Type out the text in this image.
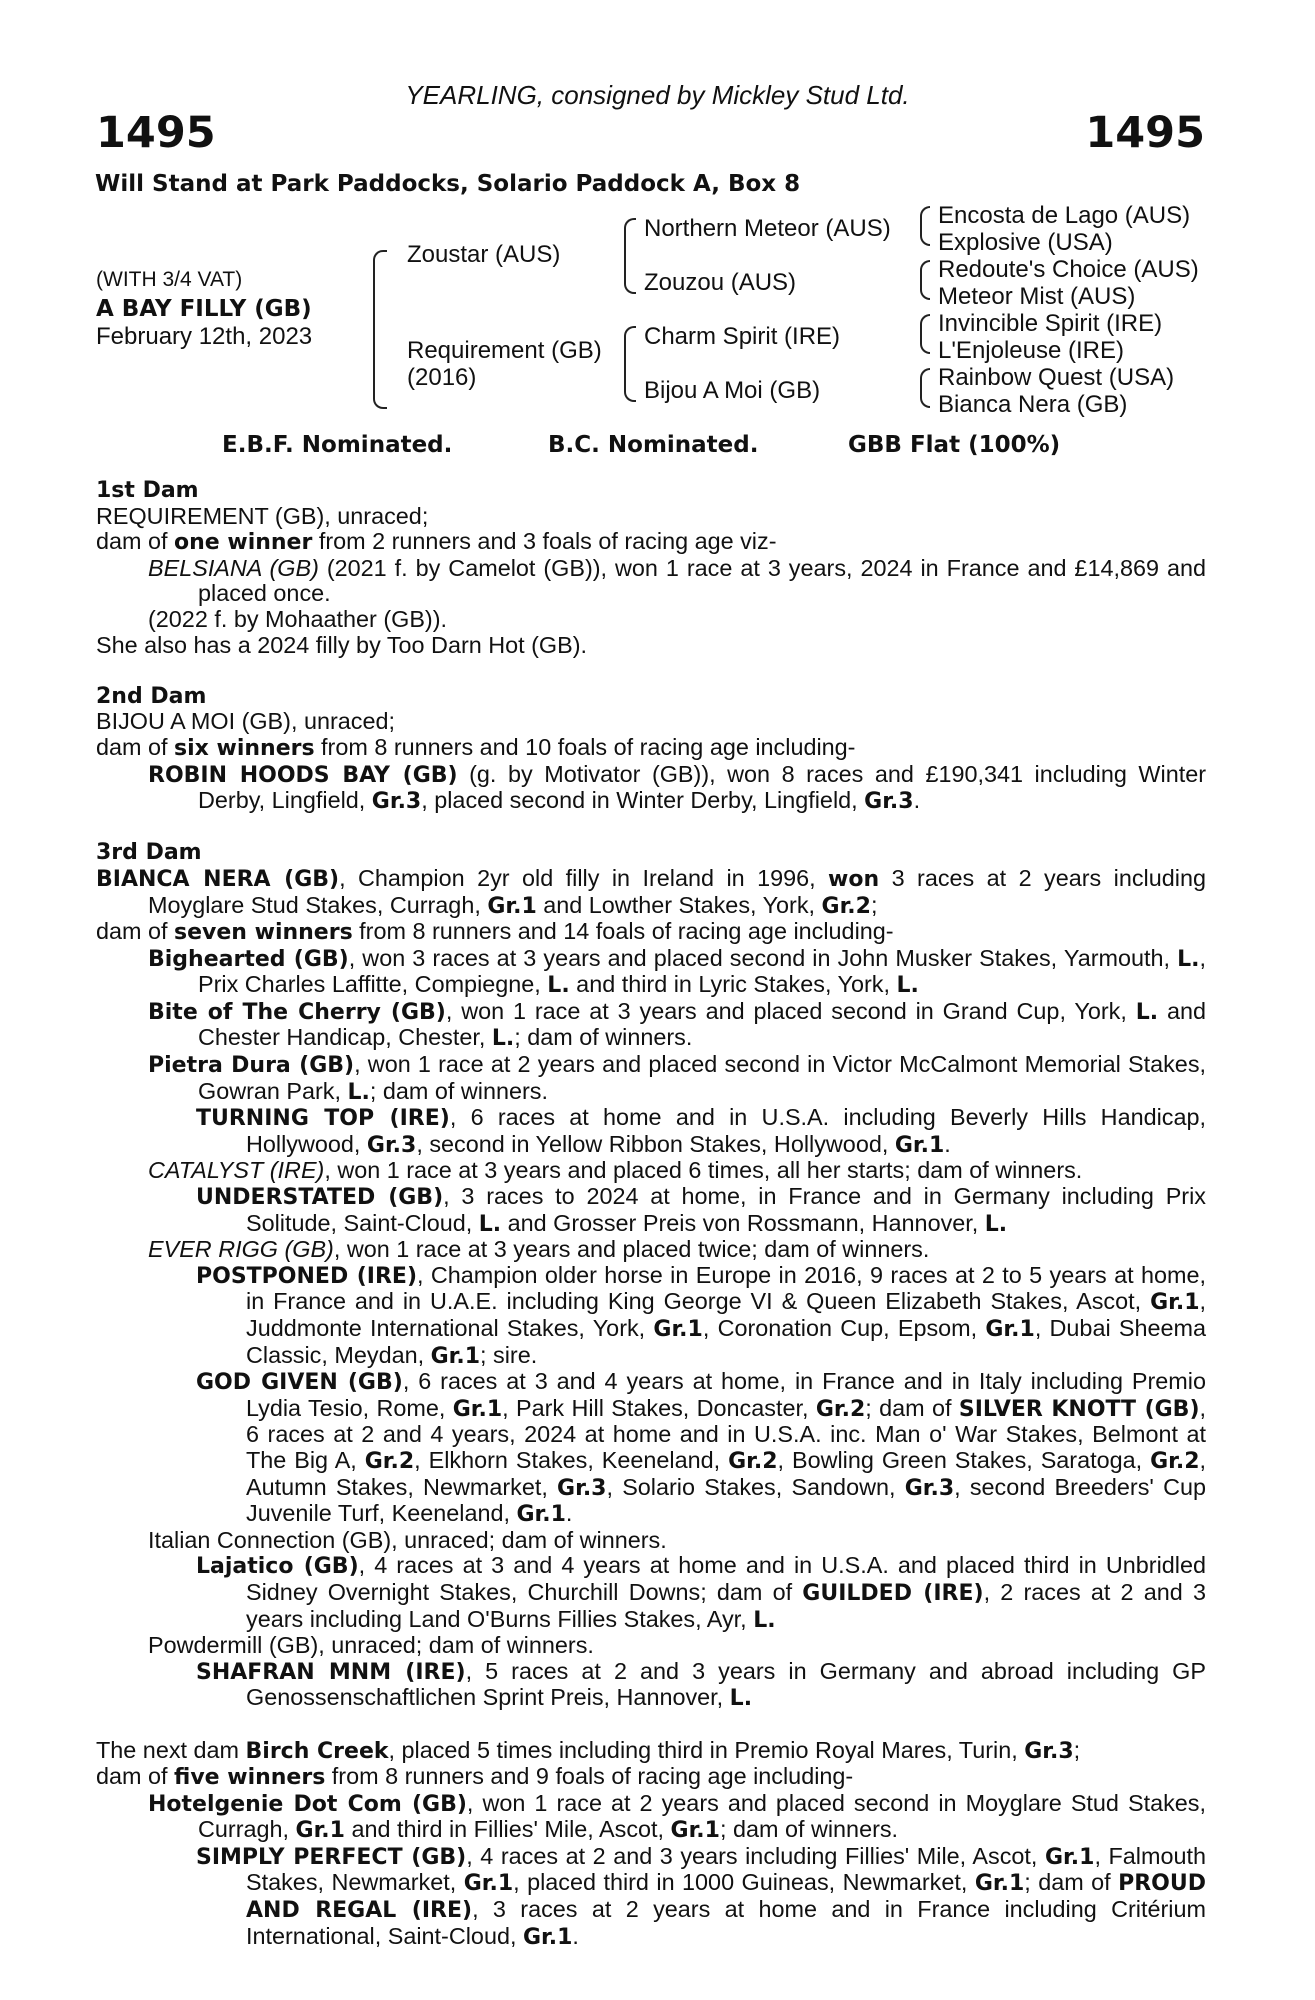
YEARLING, consigned by Mickley Stud Ltd.
1495	1495
Will Stand at Park Paddocks, Solario Paddock A, Box 8
(WITH 3/4 VAT)
A BAY FILLY (GB)
February 12th, 2023
Zoustar (AUS)
Requirement (GB)
(2016)
Northern Meteor (AUS)
Zouzou (AUS)
Charm Spirit (IRE)
Bijou A Moi (GB)
Encosta de Lago (AUS)
Explosive (USA)
Redoute's Choice (AUS)
Meteor Mist (AUS)
Invincible Spirit (IRE)
L'Enjoleuse (IRE)
Rainbow Quest (USA)
Bianca Nera (GB)
E.B.F. Nominated.	B.C. Nominated.	GBB Flat (100%)

1st Dam

REQUIREMENT (GB), unraced;

dam of one winner from 2 runners and 3 foals of racing age viz-

BELSIANA (GB) (2021 f. by Camelot (GB)), won 1 race at 3 years, 2024 in France and £14,869 and placed once.

(2022 f. by Mohaather (GB)).

She also has a 2024 filly by Too Darn Hot (GB).

2nd Dam

BIJOU A MOI (GB), unraced;

dam of six winners from 8 runners and 10 foals of racing age including-

ROBIN HOODS BAY (GB) (g. by Motivator (GB)), won 8 races and £190,341 including Winter Derby, Lingfield, Gr.3, placed second in Winter Derby, Lingfield, Gr.3.

3rd Dam

BIANCA NERA (GB), Champion 2yr old filly in Ireland in 1996, won 3 races at 2 years including Moyglare Stud Stakes, Curragh, Gr.1 and Lowther Stakes, York, Gr.2;

dam of seven winners from 8 runners and 14 foals of racing age including-

Bighearted (GB), won 3 races at 3 years and placed second in John Musker Stakes, Yarmouth, L., Prix Charles Laffitte, Compiegne, L. and third in Lyric Stakes, York, L.

Bite of The Cherry (GB), won 1 race at 3 years and placed second in Grand Cup, York, L. and Chester Handicap, Chester, L.; dam of winners.

Pietra Dura (GB), won 1 race at 2 years and placed second in Victor McCalmont Memorial Stakes, Gowran Park, L.; dam of winners.

TURNING TOP (IRE), 6 races at home and in U.S.A. including Beverly Hills Handicap, Hollywood, Gr.3, second in Yellow Ribbon Stakes, Hollywood, Gr.1.

CATALYST (IRE), won 1 race at 3 years and placed 6 times, all her starts; dam of winners.

UNDERSTATED (GB), 3 races to 2024 at home, in France and in Germany including Prix Solitude, Saint-Cloud, L. and Grosser Preis von Rossmann, Hannover, L.

EVER RIGG (GB), won 1 race at 3 years and placed twice; dam of winners.

POSTPONED (IRE), Champion older horse in Europe in 2016, 9 races at 2 to 5 years at home, in France and in U.A.E. including King George VI & Queen Elizabeth Stakes, Ascot, Gr.1, Juddmonte International Stakes, York, Gr.1, Coronation Cup, Epsom, Gr.1, Dubai Sheema Classic, Meydan, Gr.1; sire.

GOD GIVEN (GB), 6 races at 3 and 4 years at home, in France and in Italy including Premio Lydia Tesio, Rome, Gr.1, Park Hill Stakes, Doncaster, Gr.2; dam of SILVER KNOTT (GB), 6 races at 2 and 4 years, 2024 at home and in U.S.A. inc. Man o' War Stakes, Belmont at The Big A, Gr.2, Elkhorn Stakes, Keeneland, Gr.2, Bowling Green Stakes, Saratoga, Gr.2, Autumn Stakes, Newmarket, Gr.3, Solario Stakes, Sandown, Gr.3, second Breeders' Cup Juvenile Turf, Keeneland, Gr.1.

Italian Connection (GB), unraced; dam of winners.

Lajatico (GB), 4 races at 3 and 4 years at home and in U.S.A. and placed third in Unbridled Sidney Overnight Stakes, Churchill Downs; dam of GUILDED (IRE), 2 races at 2 and 3 years including Land O'Burns Fillies Stakes, Ayr, L.

Powdermill (GB), unraced; dam of winners.

SHAFRAN MNM (IRE), 5 races at 2 and 3 years in Germany and abroad including GP Genossenschaftlichen Sprint Preis, Hannover, L.

The next dam Birch Creek, placed 5 times including third in Premio Royal Mares, Turin, Gr.3;

dam of five winners from 8 runners and 9 foals of racing age including-

Hotelgenie Dot Com (GB), won 1 race at 2 years and placed second in Moyglare Stud Stakes, Curragh, Gr.1 and third in Fillies' Mile, Ascot, Gr.1; dam of winners.

SIMPLY PERFECT (GB), 4 races at 2 and 3 years including Fillies' Mile, Ascot, Gr.1, Falmouth Stakes, Newmarket, Gr.1, placed third in 1000 Guineas, Newmarket, Gr.1; dam of PROUD AND REGAL (IRE), 3 races at 2 years at home and in France including Critérium International, Saint-Cloud, Gr.1.
